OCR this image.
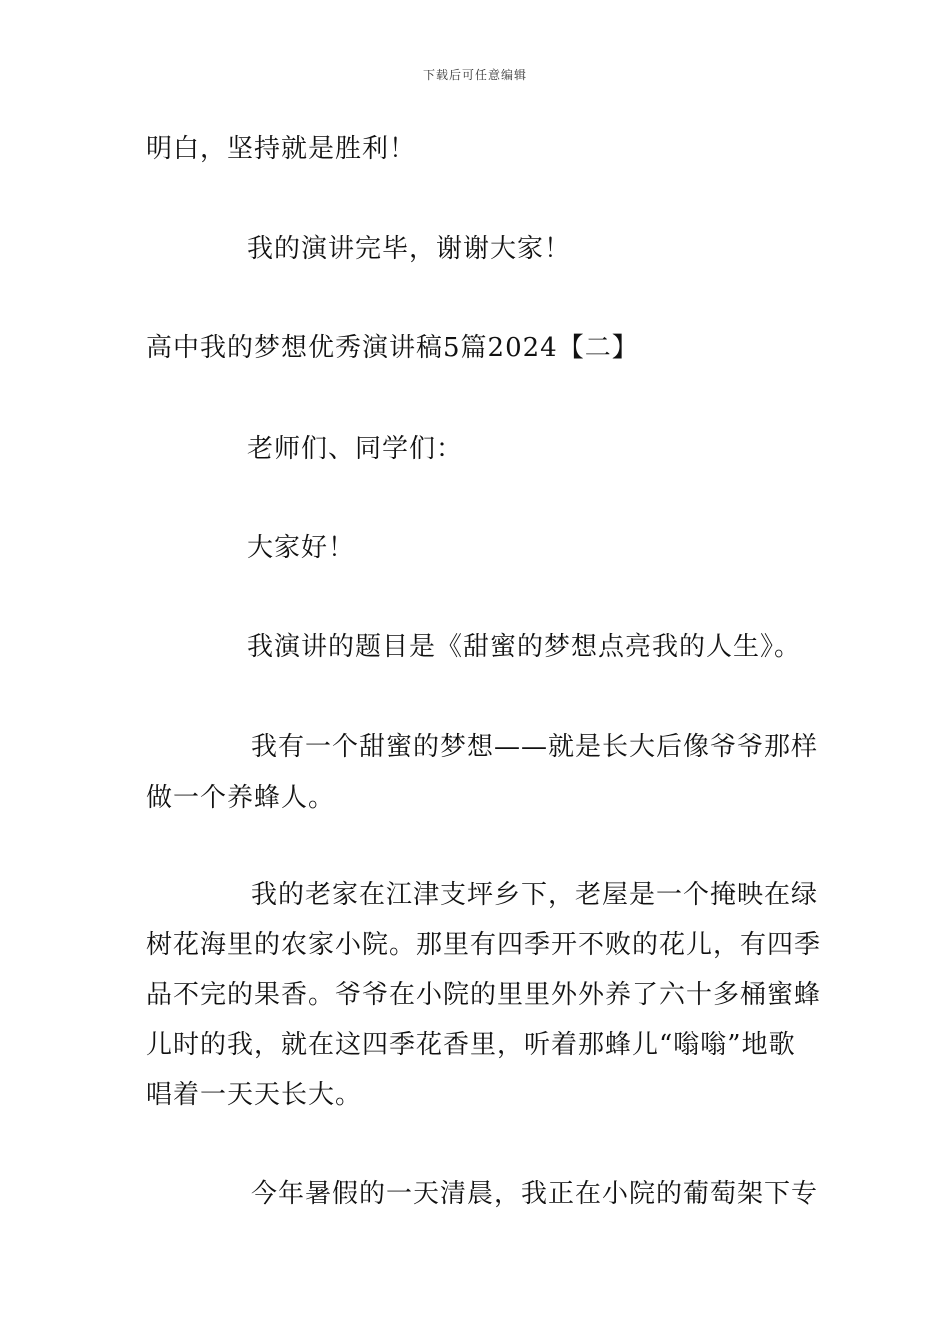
下载后可任意编辑
明白，坚持就是胜利！
我的演讲完毕，谢谢大家！
高中我的梦想优秀演讲稿5篇2024【二】
老师们、同学们：
大家好！
我演讲的题目是《甜蜜的梦想点亮我的人生》。
我有一个甜蜜的梦想——就是长大后像爷爷那样
做一个养蜂人。
我的老家在江津支坪乡下，老屋是一个掩映在绿
树花海里的农家小院。那里有四季开不败的花儿，有四季
品不完的果香。爷爷在小院的里里外外养了六十多桶蜜蜂
儿时的我，就在这四季花香里，听着那蜂儿“嗡嗡”地歌
唱着一天天长大。
今年暑假的一天清晨，我正在小院的葡萄架下专
